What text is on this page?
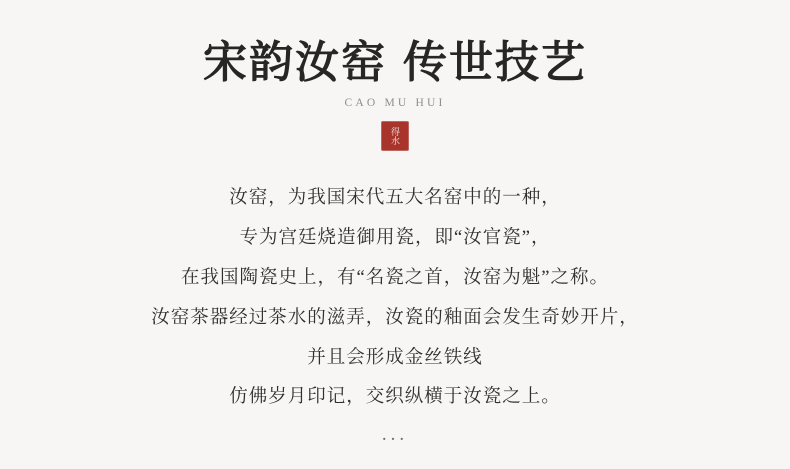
宋韵汝窑 传世技艺
CAO MU HUI
得水

汝窑，为我国宋代五大名窑中的一种，

专为宫廷烧造御用瓷，即“汝官瓷”，

在我国陶瓷史上，有“名瓷之首，汝窑为魁”之称。

汝窑茶器经过茶水的滋弄，汝瓷的釉面会发生奇妙开片，

并且会形成金丝铁线

仿佛岁月印记，交织纵横于汝瓷之上。

...
